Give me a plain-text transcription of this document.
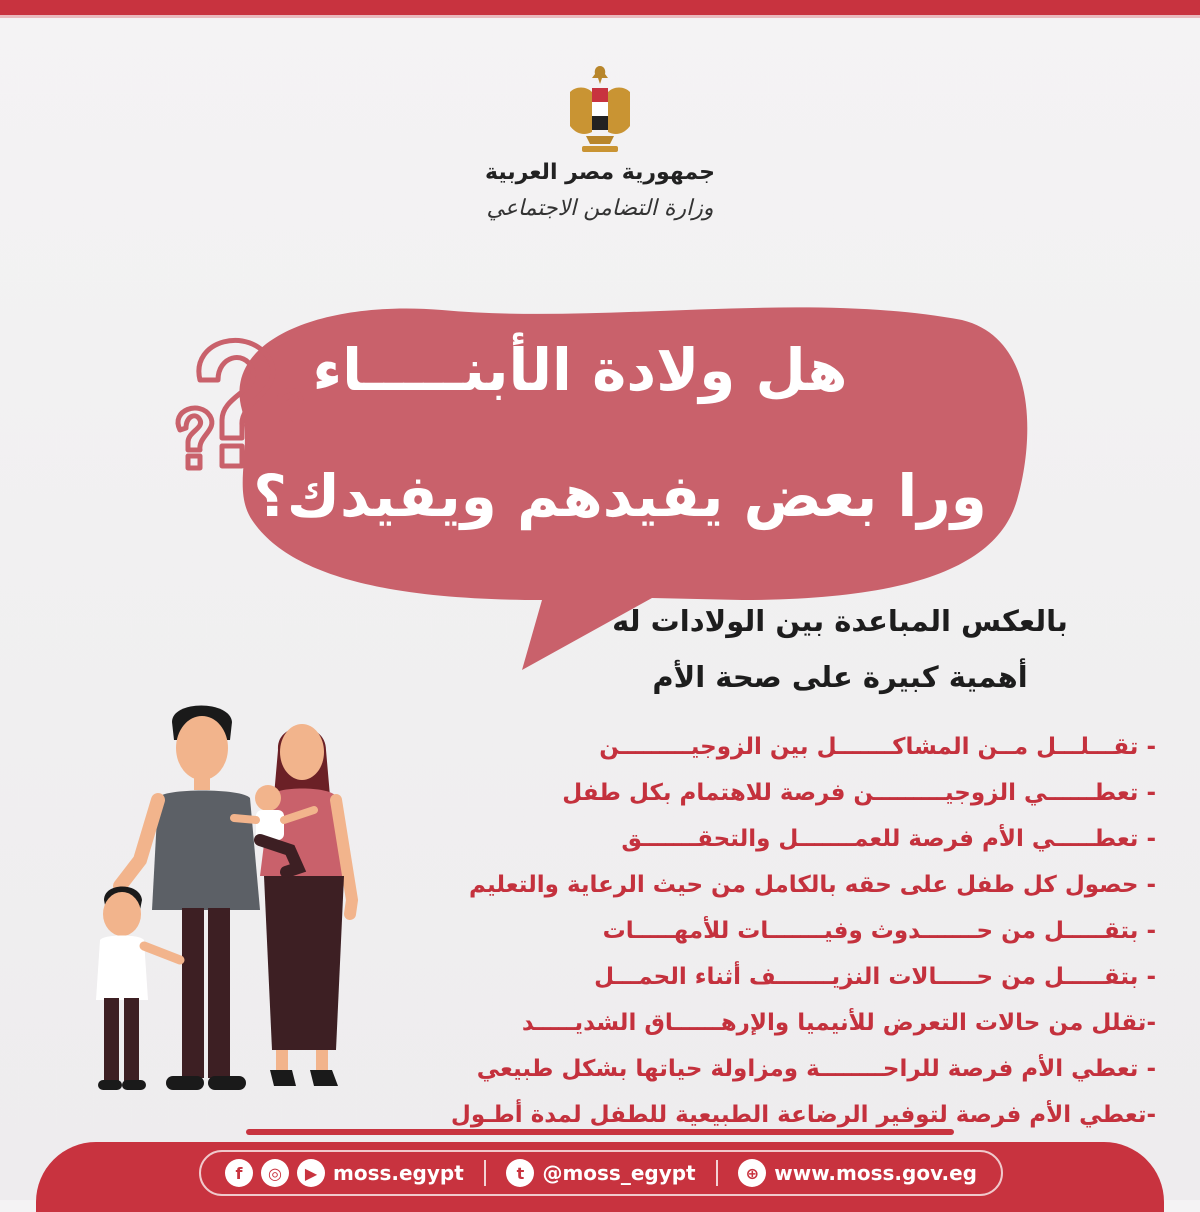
جمهورية مصر العربية
وزارة التضامن الاجتماعي
هل ولادة الأبنـــــاء
ورا بعض يفيدهم ويفيدك؟
بالعكس المباعدة بين الولادات له
أهمية كبيرة على صحة الأم
- تقـــلـــل مــن المشاكـــــــل بين الزوجيـــــــــن
- تعطــــــي الزوجيـــــــــن فرصة للاهتمام بكل طفل
- تعطـــــي الأم فرصة للعمـــــــل والتحقـــــــق
- حصول كل طفل على حقه بالكامل من حيث الرعاية والتعليم
- بتقـــــل من حـــــــدوث وفيـــــــات للأمهـــــات
- بتقـــــل من حـــــالات النزيـــــــف أثناء الحمـــل
-تقلل من حالات التعرض للأنيميا والإرهــــــاق الشديـــــد
- تعطي الأم فرصة للراحــــــــة ومزاولة حياتها بشكل طبيعي
-تعطي الأم فرصة لتوفير الرضاعة الطبيعية للطفل لمدة أطـول
f	◎	▶ moss.egypt	t @moss_egypt	⊕ www.moss.gov.eg
